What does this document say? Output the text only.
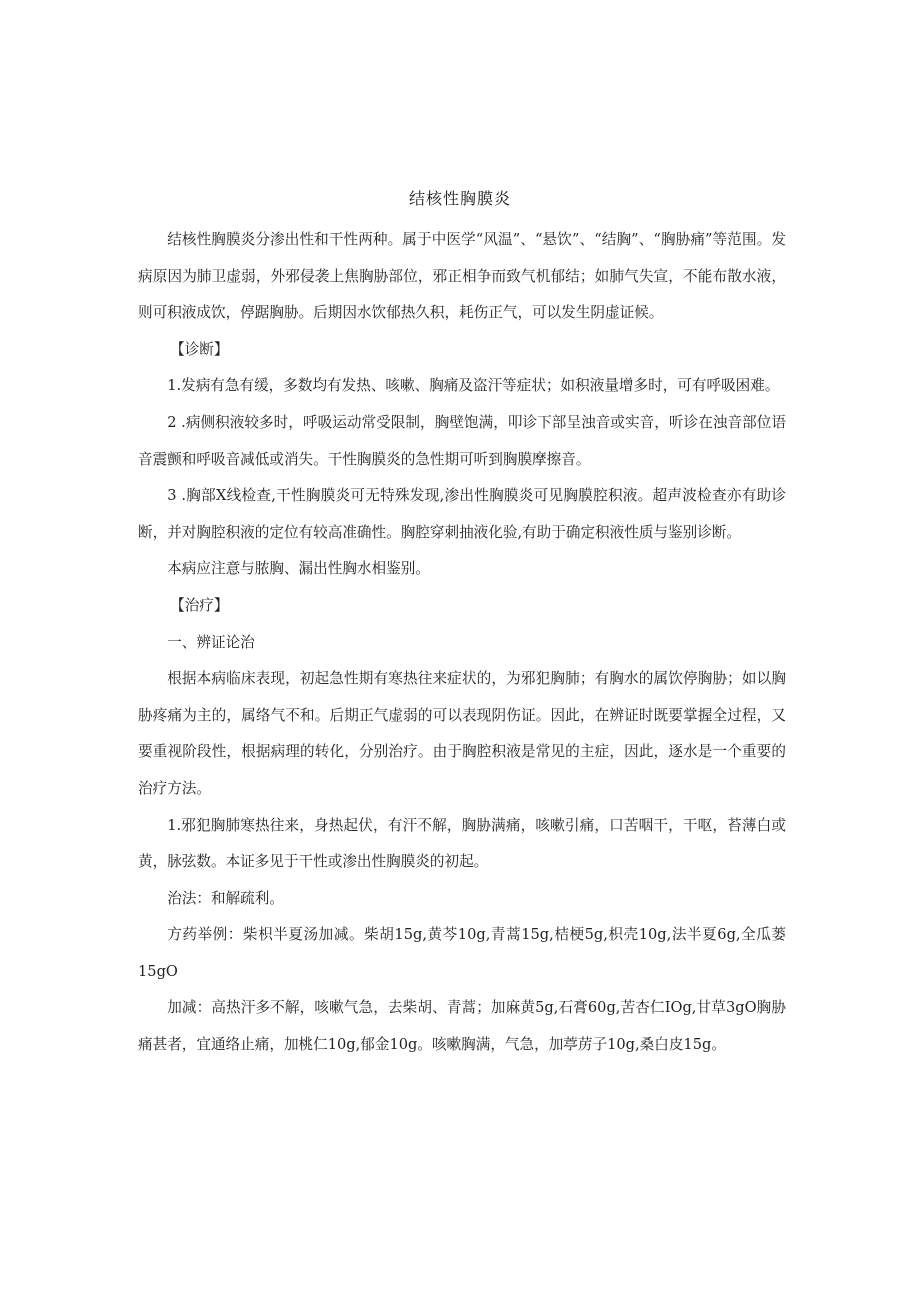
结核性胸膜炎

结核性胸膜炎分渗出性和干性两种。属于中医学“风温”、“悬饮”、“结胸”、“胸胁痛”等范围。发病原因为肺卫虚弱，外邪侵袭上焦胸胁部位，邪正相争而致气机郁结；如肺气失宣，不能布散水液，则可积液成饮，停踞胸胁。后期因水饮郁热久积，耗伤正气，可以发生阴虚证候。

【诊断】

1.发病有急有缓，多数均有发热、咳嗽、胸痛及盗汗等症状；如积液量增多时，可有呼吸困难。

2 .病侧积液较多时，呼吸运动常受限制，胸壁饱满，叩诊下部呈浊音或实音，听诊在浊音部位语音震颤和呼吸音减低或消失。干性胸膜炎的急性期可听到胸膜摩擦音。

3 .胸部X线检查,干性胸膜炎可无特殊发现,渗出性胸膜炎可见胸膜腔积液。超声波检查亦有助诊断，并对胸腔积液的定位有较高准确性。胸腔穿刺抽液化验,有助于确定积液性质与鉴别诊断。

本病应注意与脓胸、漏出性胸水相鉴别。

【治疗】

一、辨证论治

根据本病临床表现，初起急性期有寒热往来症状的，为邪犯胸肺；有胸水的属饮停胸胁；如以胸胁疼痛为主的，属络气不和。后期正气虚弱的可以表现阴伤证。因此，在辨证时既要掌握全过程，又要重视阶段性，根据病理的转化，分别治疗。由于胸腔积液是常见的主症，因此，逐水是一个重要的治疗方法。

1.邪犯胸肺寒热往来，身热起伏，有汗不解，胸胁满痛，咳嗽引痛，口苦咽干，干呕，苔薄白或黄，脉弦数。本证多见于干性或渗出性胸膜炎的初起。

治法：和解疏利。

方药举例：柴枳半夏汤加减。柴胡15g,黄芩10g,青蒿15g,桔梗5g,枳壳10g,法半夏6g,全瓜蒌15gO

加减：高热汗多不解，咳嗽气急，去柴胡、青蒿；加麻黄5g,石膏60g,苦杏仁IOg,甘草3gO胸胁痛甚者，宜通络止痛，加桃仁10g,郁金10g。咳嗽胸满，气急，加葶苈子10g,桑白皮15g。
